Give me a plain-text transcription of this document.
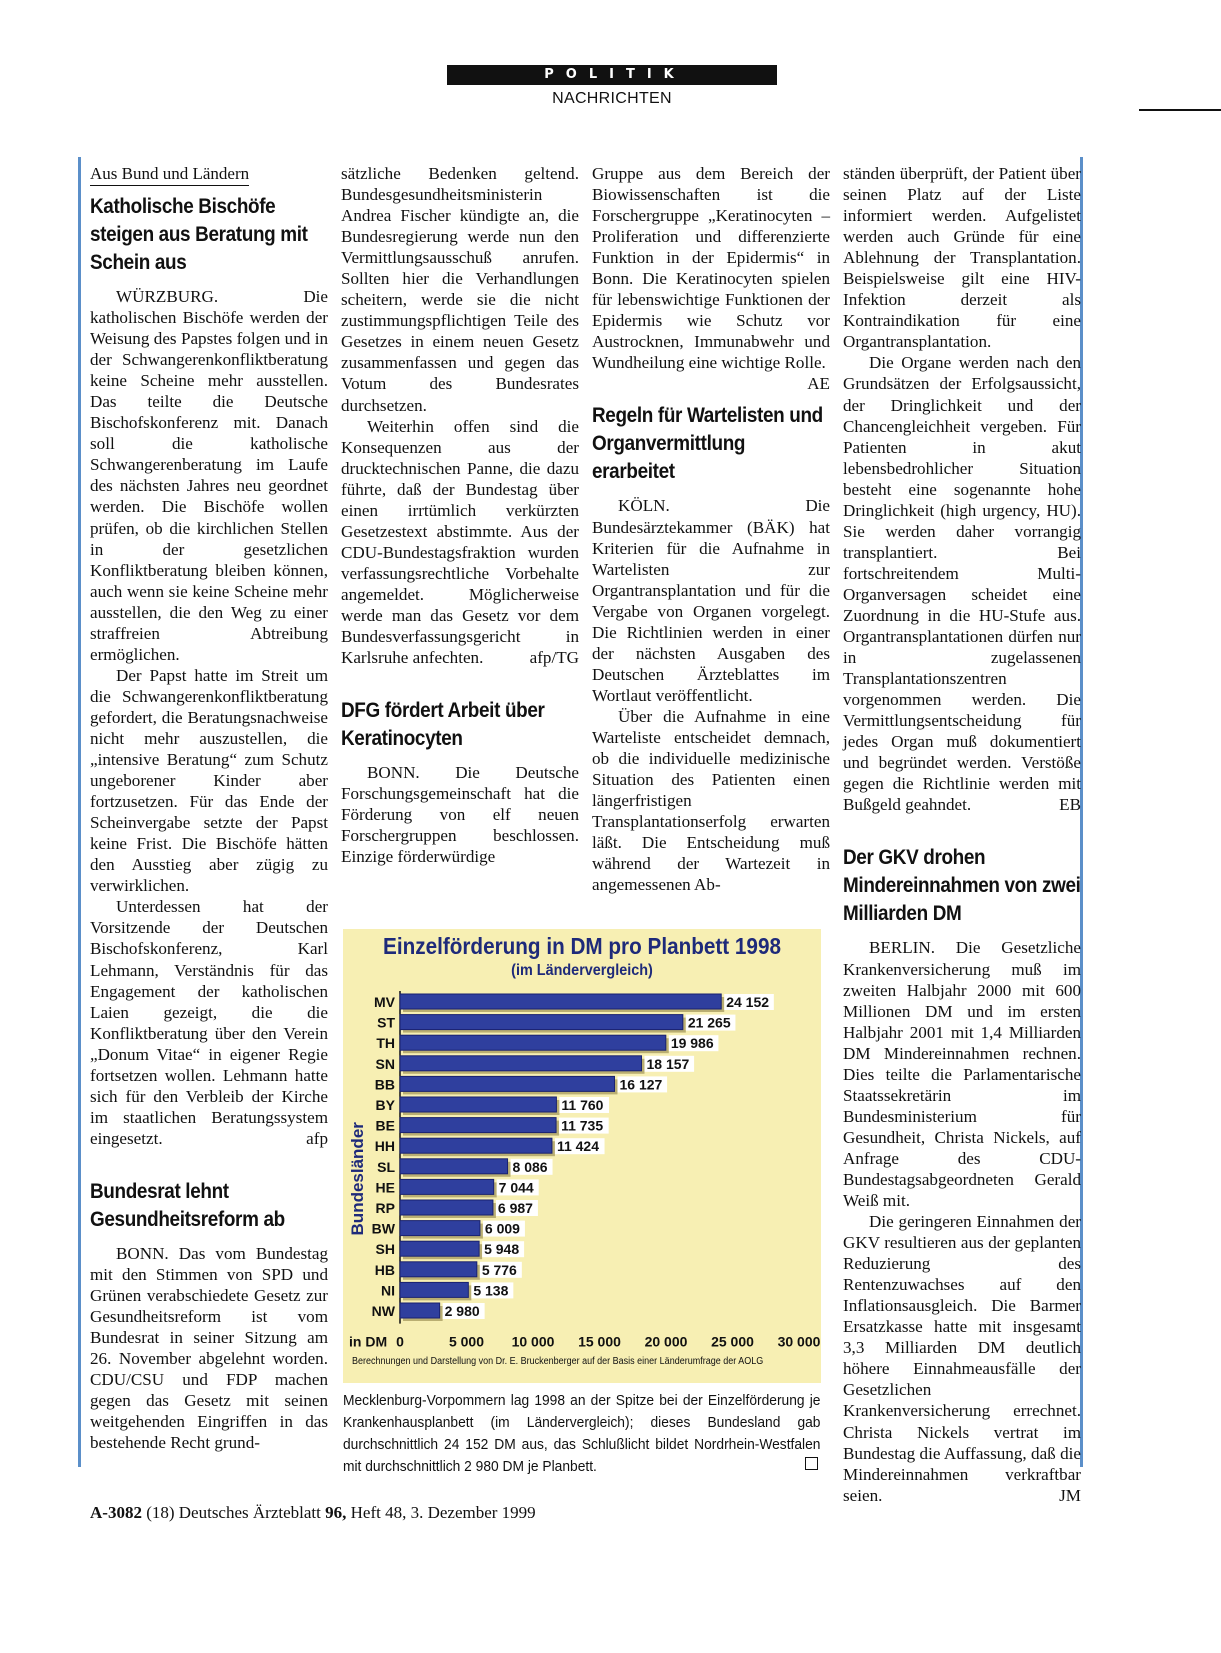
POLITIK
NACHRICHTEN
Aus Bund und Ländern
Katholische Bischöfe steigen aus Beratung mit Schein aus

WÜRZBURG. Die katholischen Bischöfe werden der Weisung des Papstes folgen und in der Schwangerenkonfliktberatung keine Scheine mehr ausstellen. Das teilte die Deutsche Bischofskonferenz mit. Danach soll die katholische Schwangerenberatung im Laufe des nächsten Jahres neu geordnet werden. Die Bischöfe wollen prüfen, ob die kirchlichen Stellen in der gesetzlichen Konfliktberatung bleiben können, auch wenn sie keine Scheine mehr ausstellen, die den Weg zu einer straffreien Abtreibung ermöglichen.

Der Papst hatte im Streit um die Schwangerenkonfliktberatung gefordert, die Beratungsnachweise nicht mehr auszustellen, die „intensive Beratung“ zum Schutz ungeborener Kinder aber fortzusetzen. Für das Ende der Scheinvergabe setzte der Papst keine Frist. Die Bischöfe hätten den Ausstieg aber zügig zu verwirklichen.

Unterdessen hat der Vorsitzende der Deutschen Bischofskonferenz, Karl Lehmann, Verständnis für das Engagement der katholischen Laien gezeigt, die die Konfliktberatung über den Verein „Donum Vitae“ in eigener Regie fortsetzen wollen. Lehmann hatte sich für den Verbleib der Kirche im staatlichen Beratungssystem eingesetzt.	afp

Bundesrat lehnt Gesundheitsreform ab

BONN. Das vom Bundestag mit den Stimmen von SPD und Grünen verabschiedete Gesetz zur Gesundheitsreform ist vom Bundesrat in seiner Sitzung am 26. November abgelehnt worden. CDU/CSU und FDP machen gegen das Gesetz mit seinen weitgehenden Eingriffen in das bestehende Recht grund-

sätzliche Bedenken geltend. Bundesgesundheitsministerin Andrea Fischer kündigte an, die Bundesregierung werde nun den Vermittlungsausschuß anrufen. Sollten hier die Verhandlungen scheitern, werde sie die nicht zustimmungspflichtigen Teile des Gesetzes in einem neuen Gesetz zusammenfassen und gegen das Votum des Bundesrates durchsetzen.

Weiterhin offen sind die Konsequenzen aus der drucktechnischen Panne, die dazu führte, daß der Bundestag über einen irrtümlich verkürzten Gesetzestext abstimmte. Aus der CDU-Bundestagsfraktion wurden verfassungsrechtliche Vorbehalte angemeldet. Möglicherweise werde man das Gesetz vor dem Bundesverfassungsgericht in Karlsruhe anfechten.	afp/TG

DFG fördert Arbeit über Keratinocyten

BONN. Die Deutsche Forschungsgemeinschaft hat die Förderung von elf neuen Forschergruppen beschlossen. Einzige förderwürdige

Gruppe aus dem Bereich der Biowissenschaften ist die Forschergruppe „Keratinocyten – Proliferation und differenzierte Funktion in der Epidermis“ in Bonn. Die Keratinocyten spielen für lebenswichtige Funktionen der Epidermis wie Schutz vor Austrocknen, Immunabwehr und Wundheilung eine wichtige Rolle.
AE

Regeln für Wartelisten und Organvermittlung erarbeitet

KÖLN. Die Bundesärztekammer (BÄK) hat Kriterien für die Aufnahme in Wartelisten zur Organtransplantation und für die Vergabe von Organen vorgelegt. Die Richtlinien werden in einer der nächsten Ausgaben des Deutschen Ärzteblattes im Wortlaut veröffentlicht.

Über die Aufnahme in eine Warteliste entscheidet demnach, ob die individuelle medizinische Situation des Patienten einen längerfristigen Transplantationserfolg erwarten läßt. Die Entscheidung muß während der Wartezeit in angemessenen Ab-

ständen überprüft, der Patient über seinen Platz auf der Liste informiert werden. Aufgelistet werden auch Gründe für eine Ablehnung der Transplantation. Beispielsweise gilt eine HIV-Infektion derzeit als Kontraindikation für eine Organtransplantation.

Die Organe werden nach den Grundsätzen der Erfolgsaussicht, der Dringlichkeit und der Chancengleichheit vergeben. Für Patienten in akut lebensbedrohlicher Situation besteht eine sogenannte hohe Dringlichkeit (high urgency, HU). Sie werden daher vorrangig transplantiert. Bei fortschreitendem Multi-Organversagen scheidet eine Zuordnung in die HU-Stufe aus. Organtransplantationen dürfen nur in zugelassenen Transplantationszentren vorgenommen werden. Die Vermittlungsentscheidung für jedes Organ muß dokumentiert und begründet werden. Verstöße gegen die Richtlinie werden mit Bußgeld geahndet.	EB

Der GKV drohen Mindereinnahmen von zwei Milliarden DM

BERLIN. Die Gesetzliche Krankenversicherung muß im zweiten Halbjahr 2000 mit 600 Millionen DM und im ersten Halbjahr 2001 mit 1,4 Milliarden DM Mindereinnahmen rechnen. Dies teilte die Parlamentarische Staatssekretärin im Bundesministerium für Gesundheit, Christa Nickels, auf Anfrage des CDU-Bundestagsabgeordneten Gerald Weiß mit.

Die geringeren Einnahmen der GKV resultieren aus der geplanten Reduzierung des Rentenzuwachses auf den Inflationsausgleich. Die Barmer Ersatzkasse hatte mit insgesamt 3,3 Milliarden DM deutlich höhere Einnahmeausfälle der Gesetzlichen Krankenversicherung errechnet. Christa Nickels vertrat im Bundestag die Auffassung, daß die Mindereinnahmen verkraftbar seien.	JM

Einzelförderung in DM pro Planbett 1998
(im Ländervergleich)
MV	24 152
ST	21 265
TH	19 986
SN	18 157
BB	16 127
BY	11 760
BE	11 735
HH	11 424
SL	8 086
HE	7 044
RP	6 987
BW	6 009
SH	5 948
HB	5 776
NI	5 138
NW	2 980
in DM 0	5 000 10 000 15 000 20 000 25 000 30 000
Bundesländer
Berechnungen und Darstellung von Dr. E. Bruckenberger auf der Basis einer Länderumfrage der AOLG
Mecklenburg-Vorpommern lag 1998 an der Spitze bei der Einzelförderung je Krankenhausplanbett (im Ländervergleich); dieses Bundesland gab durchschnittlich 24 152 DM aus, das Schlußlicht bildet Nordrhein-Westfalen mit durchschnittlich 2 980 DM je Planbett.
A-3082 (18) Deutsches Ärzteblatt 96, Heft 48, 3. Dezember 1999
